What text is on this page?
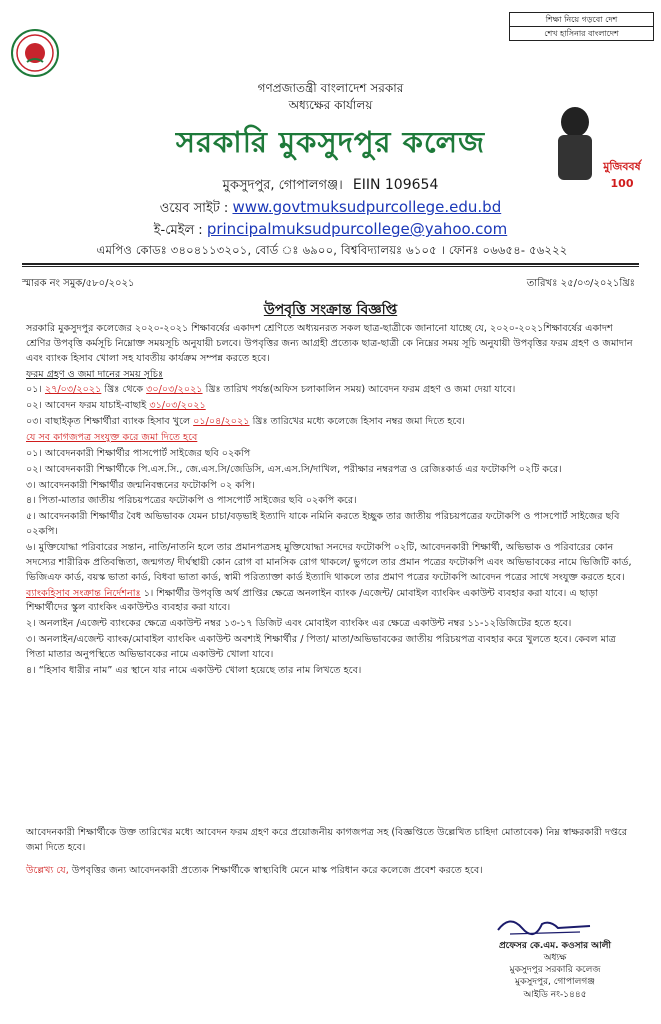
শিক্ষা নিয়ে গড়বো দেশ
শেখ হাসিনার বাংলাদেশ
মুজিববর্ষ 100
গণপ্রজাতন্ত্রী বাংলাদেশ সরকার
অধ্যক্ষের কার্যালয়
সরকারি মুকসুদপুর কলেজ
মুকসুদপুর, গোপালগঞ্জ। EIIN 109654
ওয়েব সাইট : www.govtmuksudpurcollege.edu.bd
ই-মেইল : principalmuksudpurcollege@yahoo.com
এমপিও কোডঃ ৩৪০৪১১৩২০১, বোর্ড ঃ ৬৯০০, বিশ্ববিদ্যালয়ঃ ৬১০৫ । ফোনঃ ০৬৬৫৪- ৫৬২২২
স্মারক নং সমুক/৫৮০/২০২১	তারিখঃ ২৫/০৩/২০২১খ্রিঃ
উপবৃত্তি সংক্রান্ত বিজ্ঞপ্তি

সরকারি মুকসুদপুর কলেজের ২০২০-২০২১ শিক্ষাবর্ষের একাদশ শ্রেণিতে অধ্যয়নরত সকল ছাত্র-ছাত্রীকে জানানো যাচ্ছে যে, ২০২০-২০২১শিক্ষাবর্ষের একাদশ শ্রেণির উপবৃত্তি কর্মসূচি নিম্নোক্ত সময়সূচি অনুযায়ী চলবে। উপবৃত্তির জন্য আগ্রহী প্রত্যেক ছাত্র-ছাত্রী কে নিম্নের সময় সূচি অনুযায়ী উপবৃত্তির ফরম গ্রহণ ও জমাদান এবং ব্যাংক হিসাব খোলা সহ যাবতীয় কার্যক্রম সম্পন্ন করতে হবে।

ফরম গ্রহণ ও জমা দানের সময় সূচিঃ

০১। ২৭/০৩/২০২১ খ্রিঃ থেকে ৩০/০৩/২০২১ খ্রিঃ তারিখ পর্যন্ত(অফিস চলাকালিন সময়) আবেদন ফরম গ্রহণ ও জমা দেয়া যাবে।

০২। আবেদন ফরম যাচাই-বাছাই ৩১/০৩/২০২১

০৩। বাছাইকৃত শিক্ষার্থীরা ব্যাংক হিসাব খুলে ০১/০৪/২০২১ খ্রিঃ তারিখের মধ্যে কলেজে হিসাব নম্বর জমা দিতে হবে।

যে সব কাগজপত্র সংযুক্ত করে জমা দিতে হবে

০১। আবেদনকারী শিক্ষার্থীর পাসপোর্ট সাইজের ছবি ০২কপি

০২। আবেদনকারী শিক্ষার্থীকে পি.এস.সি., জে.এস.সি/জেডিসি, এস.এস.সি/দাখিল, পরীক্ষার নম্বরপত্র ও রেজিঃকার্ড এর ফটোকপি ০২টি করে।

৩। আবেদনকারী শিক্ষার্থীর জন্মনিবন্ধনের ফটোকপি ০২ কপি।

৪। পিতা-মাতার জাতীয় পরিচয়পত্রের ফটোকপি ও পাসপোর্ট সাইজের ছবি ০২কপি করে।

৫। আবেদনকারী শিক্ষার্থীর বৈধ অভিভাবক যেমন চাচা/বড়ভাই ইত্যাদি যাকে নমিনি করতে ইচ্ছুক তার জাতীয় পরিচয়পত্রের ফটোকপি ও পাসপোর্ট সাইজের ছবি ০২কপি।

৬। মুক্তিযোদ্ধা পরিবারের সন্তান, নাতি/নাতনি হলে তার প্রমানপত্রসহ মুক্তিযোদ্ধা সনদের ফটোকপি ০২টি, আবেদনকারী শিক্ষার্থী, অভিভাক ও পরিবারের কোন সদস্যের শারীরিক প্রতিবন্ধিতা, জন্মগত/ দীর্ঘস্থায়ী কোন রোগ বা মানসিক রোগ থাকলে/ ভুগলে তার প্রমান পত্রের ফটোকপি এবং অভিভাবকের নামে ভিজিটি কার্ড, ভিজিএফ কার্ড, বয়স্ক ভাতা কার্ড, বিধবা ভাতা কার্ড, স্বামী পরিত্যাক্তা কার্ড ইত্যাদি থাকলে তার প্রমাণ পত্রের ফটোকপি আবেদন পত্রের সাথে সংযুক্ত করতে হবে।

ব্যাংকহিসাব সংক্রান্ত নির্দেশনাঃ ১। শিক্ষার্থীর উপবৃত্তি অর্থ প্রাপ্তির ক্ষেত্রে অনলাইন ব্যাংক /এজেন্ট/ মোবাইল ব্যাংকিং একাউন্ট ব্যবহার করা যাবে। এ ছাড়া শিক্ষার্থীদের স্কুল ব্যাংকিং একাউন্টও ব্যবহার করা যাবে।

২। অনলাইন /এজেন্ট ব্যাংকের ক্ষেত্রে একাউন্ট নম্বর ১৩-১৭ ডিজিট এবং মোবাইল ব্যাংকিং এর ক্ষেত্রে একাউন্ট নম্বর ১১-১২ডিজিটের হতে হবে।

৩। অনলাইন/এজেন্ট ব্যাংক/মোবাইল ব্যাংকিং একাউন্ট অবশ্যই শিক্ষার্থীর / পিতা/ মাতা/অভিভাবকের জাতীয় পরিচয়পত্র ব্যবহার করে খুলতে হবে। কেবল মাত্র পিতা মাতার অনুপস্থিতে অভিভাবকের নামে একাউন্ট খোলা যাবে।

৪। “হিসাব ধারীর নাম” এর স্থানে যার নামে একাউন্ট খোলা হয়েছে তার নাম লিখতে হবে।

আবেদনকারী শিক্ষার্থীকে উক্ত তারিখের মধ্যে আবেদন ফরম গ্রহণ করে প্রয়োজনীয় কাগজপত্র সহ (বিজ্ঞপ্তিতে উল্লেখিত চাহিদা মোতাবেক) নিম্ন স্বাক্ষরকারী দপ্তরে জমা দিতে হবে।

উল্লেখ্য যে, উপবৃত্তির জন্য আবেদনকারী প্রত্যেক শিক্ষার্থীকে স্বাস্থ্যবিধি মেনে মাস্ক পরিধান করে কলেজে প্রবেশ করতে হবে।

প্রফেসর কে.এম. কওসার আলী
অধ্যক্ষ
মুকসুদপুর সরকারি কলেজ
মুকসুদপুর, গোপালগঞ্জ
আইডি নং-১৪৪৫
